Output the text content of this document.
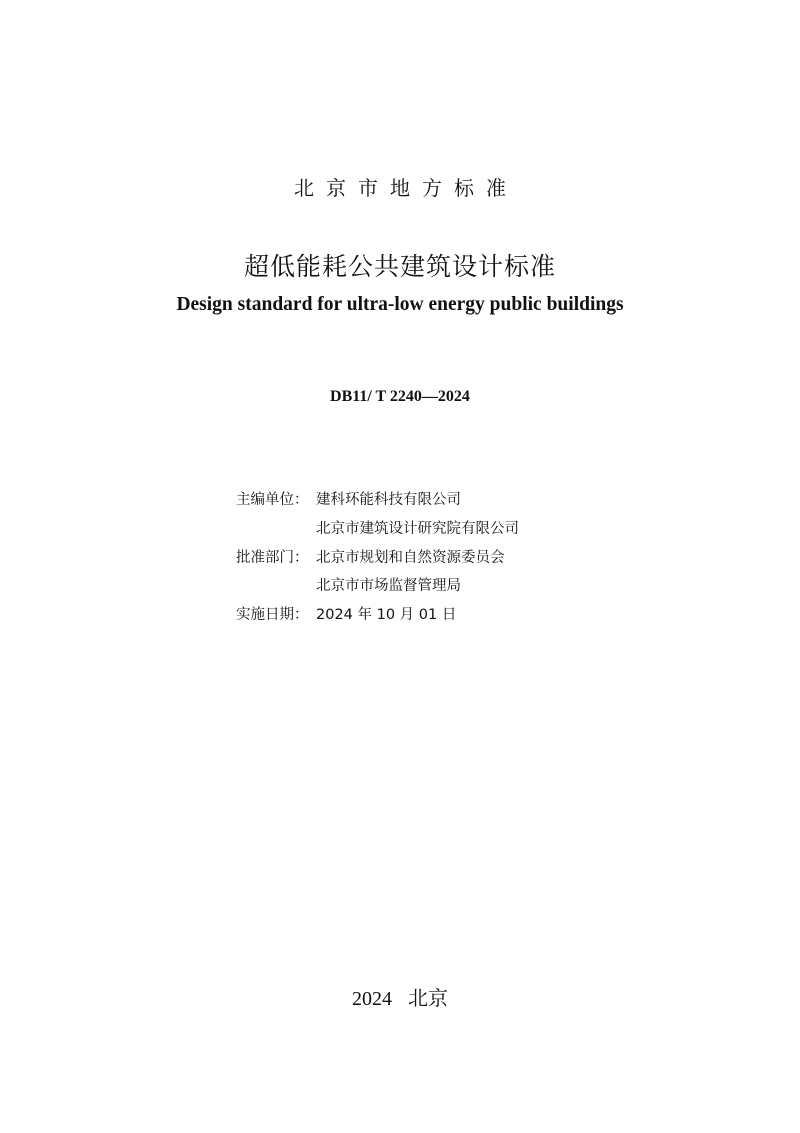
北京市地方标准
超低能耗公共建筑设计标准
Design standard for ultra-low energy public buildings
DB11/ T 2240—2024
主编单位： 建科环能科技有限公司
北京市建筑设计研究院有限公司
批准部门： 北京市规划和自然资源委员会
北京市市场监督管理局
实施日期： 2024 年 10 月 01 日
2024 北京
